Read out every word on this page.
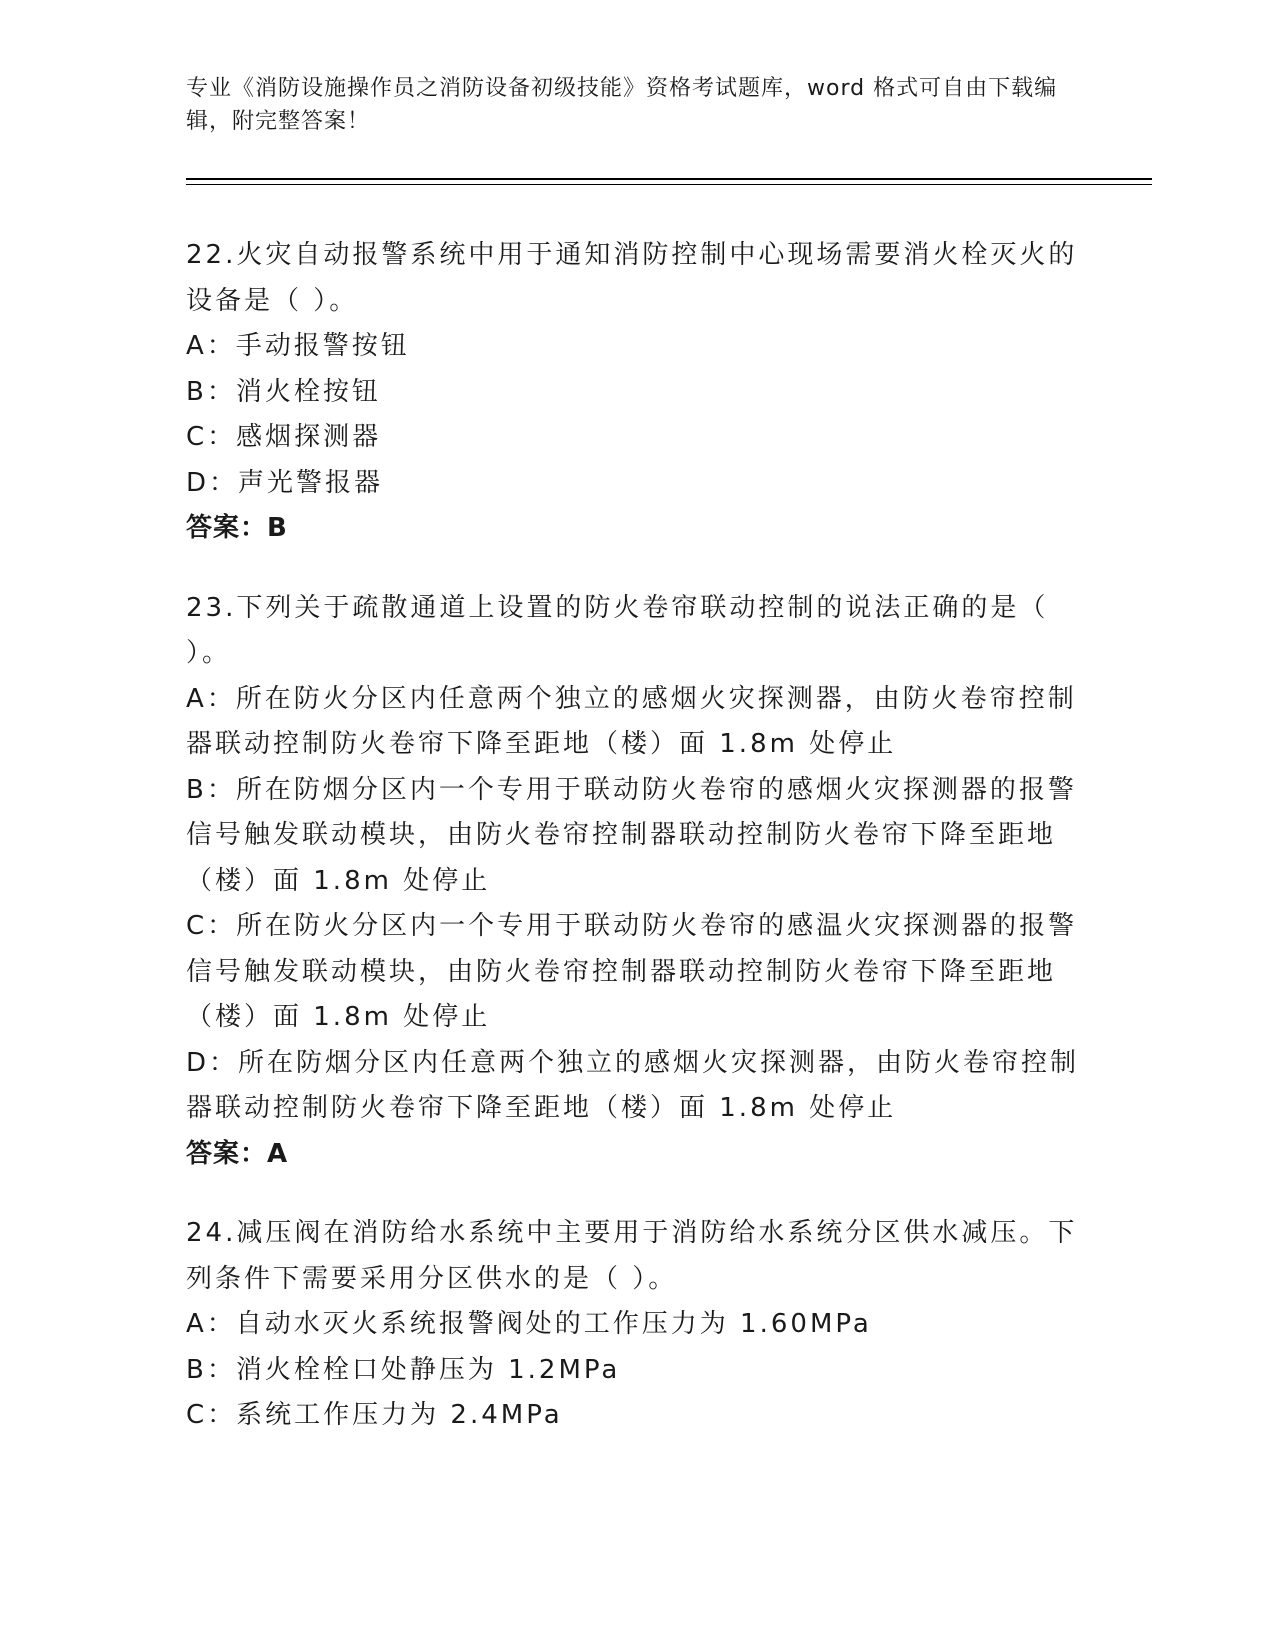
专业《消防设施操作员之消防设备初级技能》资格考试题库，word 格式可自由下载编辑，附完整答案！
22.火灾自动报警系统中用于通知消防控制中心现场需要消火栓灭火的设备是（ ）。
A：手动报警按钮
B：消火栓按钮
C：感烟探测器
D：声光警报器
答案：B
23.下列关于疏散通道上设置的防火卷帘联动控制的说法正确的是（ ）。
A：所在防火分区内任意两个独立的感烟火灾探测器，由防火卷帘控制器联动控制防火卷帘下降至距地（楼）面 1.8m 处停止
B：所在防烟分区内一个专用于联动防火卷帘的感烟火灾探测器的报警信号触发联动模块，由防火卷帘控制器联动控制防火卷帘下降至距地（楼）面 1.8m 处停止
C：所在防火分区内一个专用于联动防火卷帘的感温火灾探测器的报警信号触发联动模块，由防火卷帘控制器联动控制防火卷帘下降至距地（楼）面 1.8m 处停止
D：所在防烟分区内任意两个独立的感烟火灾探测器，由防火卷帘控制器联动控制防火卷帘下降至距地（楼）面 1.8m 处停止
答案：A
24.减压阀在消防给水系统中主要用于消防给水系统分区供水减压。下列条件下需要采用分区供水的是（ ）。
A：自动水灭火系统报警阀处的工作压力为 1.60MPa
B：消火栓栓口处静压为 1.2MPa
C：系统工作压力为 2.4MPa
